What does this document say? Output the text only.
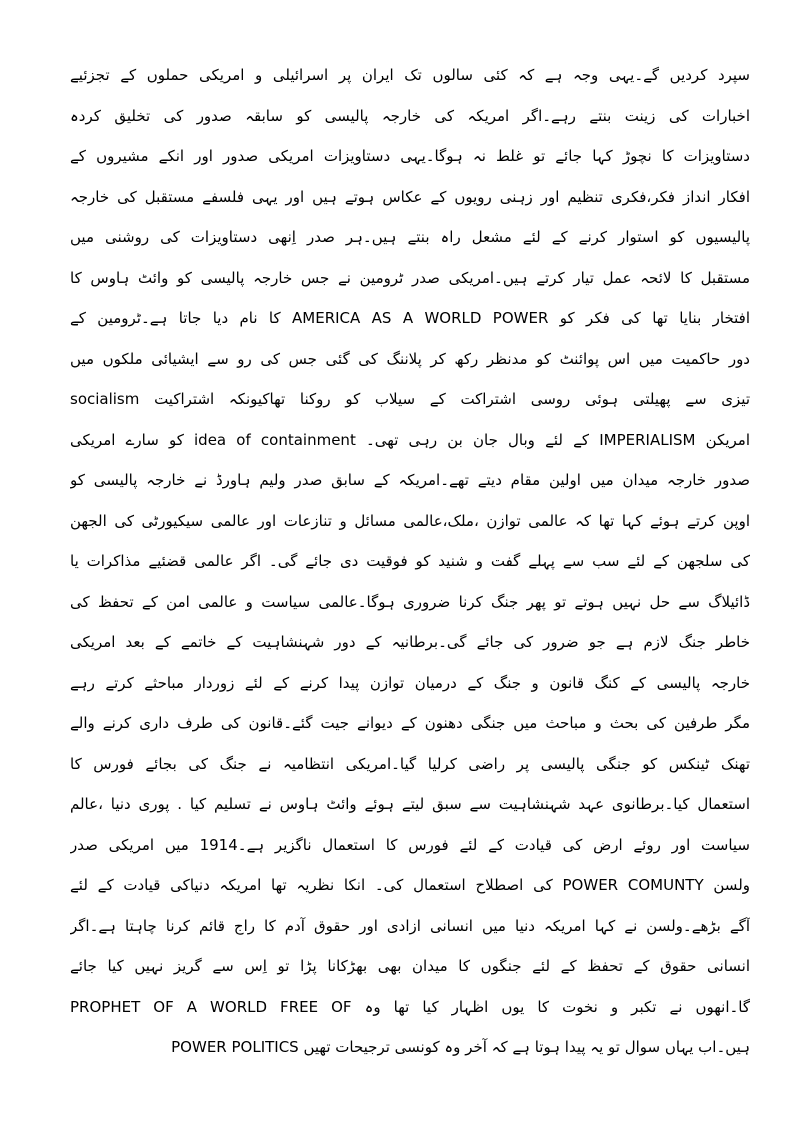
سپرد کردیں گے۔یہی وجہ ہے کہ کئی سالوں تک ایران پر اسرائیلی و امریکی حملوں کے تجزئیے
اخبارات کی زینت بنتے رہے۔اگر امریکہ کی خارجہ پالیسی کو سابقہ صدور کی تخلیق کردہ
دستاویزات کا نچوڑ کہا جائے تو غلط نہ ہوگا۔یہی دستاویزات امریکی صدور اور انکے مشیروں کے
افکار انداز فکر،فکری تنظیم اور زہنی رویوں کے عکاس ہوتے ہیں اور یہی فلسفے مستقبل کی خارجہ
پالیسیوں کو استوار کرنے کے لئے مشعل راہ بنتے ہیں۔ہر صدر اِنھی دستاویزات کی روشنی میں
مستقبل کا لائحہ عمل تیار کرتے ہیں۔امریکی صدر ٹرومین نے جس خارجہ پالیسی کو وائٹ ہاوس کا
افتخار بنایا تھا کی فکر کو AMERICA AS A WORLD POWER کا نام دیا جاتا ہے۔ٹرومین کے
دور حاکمیت میں اس پوائنٹ کو مدنظر رکھ کر پلاننگ کی گئی جس کی رو سے ایشیائی ملکوں میں
تیزی سے پھیلتی ہوئی روسی اشتراکت کے سیلاب کو روکنا تھاکیونکہ اشتراکیت socialism
امریکن IMPERIALISM کے لئے وبال جان بن رہی تھی۔ idea of containment کو سارے امریکی
صدور خارجہ میدان میں اولین مقام دیتے تھے۔امریکہ کے سابق صدر ولیم ہاورڈ نے خارجہ پالیسی کو
اوپن کرتے ہوئے کہا تھا کہ عالمی توازن ،ملک،عالمی مسائل و تنازعات اور عالمی سیکیورٹی کی الجھن
کی سلجھن کے لئے سب سے پہلے گفت و شنید کو فوقیت دی جائے گی۔ اگر عالمی قضئیے مذاکرات یا
ڈائیلاگ سے حل نہیں ہوتے تو پھر جنگ کرنا ضروری ہوگا۔عالمی سیاست و عالمی امن کے تحفظ کی
خاطر جنگ لازم ہے جو ضرور کی جائے گی۔برطانیہ کے دور شہنشاہیت کے خاتمے کے بعد امریکی
خارجہ پالیسی کے کنگ قانون و جنگ کے درمیان توازن پیدا کرنے کے لئے زوردار مباحثے کرتے رہے
مگر طرفین کی بحث و مباحث میں جنگی دھنون کے دیوانے جیت گئے۔قانون کی طرف داری کرنے والے
تھنک ٹینکس کو جنگی پالیسی پر راضی کرلیا گیا۔امریکی انتظامیہ نے جنگ کی بجائے فورس کا
استعمال کیا۔برطانوی عہد شہنشاہیت سے سبق لیتے ہوئے وائٹ ہاوس نے تسلیم کیا . پوری دنیا ،عالم
سیاست اور روئے ارض کی قیادت کے لئے فورس کا استعمال ناگزیر ہے۔1914 میں امریکی صدر
ولسن POWER COMUNTY کی اصطلاح استعمال کی۔ انکا نظریہ تھا امریکہ دنیاکی قیادت کے لئے
آگے بڑھے۔ولسن نے کہا امریکہ دنیا میں انسانی ازادی اور حقوق آدم کا راج قائم کرنا چاہتا ہے۔اگر
انسانی حقوق کے تحفظ کے لئے جنگوں کا میدان بھی بھڑکانا پڑا تو اِس سے گریز نہیں کیا جائے
گا۔انھوں نے تکبر و نخوت کا یوں اظہار کیا تھا وہ PROPHET OF A WORLD FREE OF
POWER POLITICS ہیں۔اب یہاں سوال تو یہ پیدا ہوتا ہے کہ آخر وہ کونسی ترجیحات تھیں
